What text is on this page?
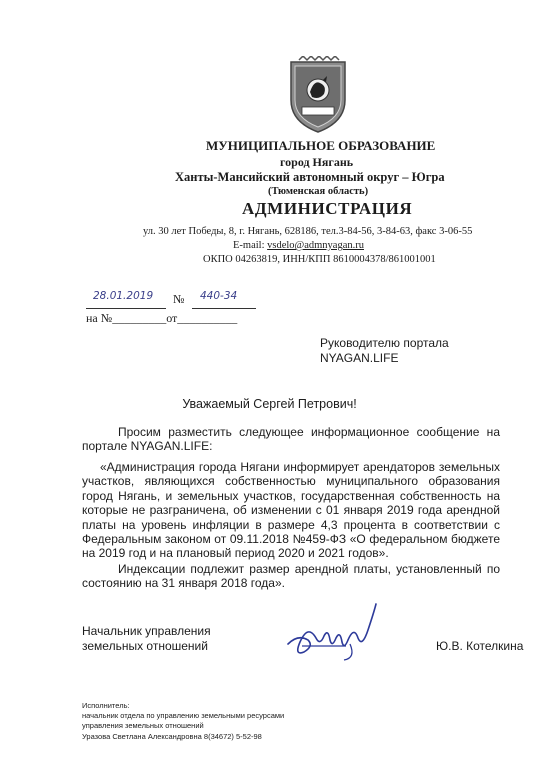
МУНИЦИПАЛЬНОЕ ОБРАЗОВАНИЕ
город Нягань
Ханты-Мансийский автономный округ – Югра
(Тюменская область)
АДМИНИСТРАЦИЯ
ул. 30 лет Победы, 8, г. Нягань, 628186, тел.3-84-56, 3-84-63, факс 3-06-55
E-mail: vsdelo@admnyagan.ru
ОКПО 04263819, ИНН/КПП 8610004378/861001001
28.01.2019 № 440-34
на №_________от__________
Руководителю портала
NYAGAN.LIFE
Уважаемый Сергей Петрович!
Просим разместить следующее информационное сообщение на портале NYAGAN.LIFE:
«Администрация города Нягани информирует арендаторов земельных участков, являющихся собственностью муниципального образования город Нягань, и земельных участков, государственная собственность на которые не разграничена, об изменении с 01 января 2019 года арендной платы на уровень инфляции в размере 4,3 процента в соответствии с Федеральным законом от 09.11.2018 №459-ФЗ «О федеральном бюджете на 2019 год и на плановый период 2020 и 2021 годов».
Индексации подлежит размер арендной платы, установленный по состоянию на 31 января 2018 года».
Начальник управления
земельных отношений	Ю.В. Котелкина
Исполнитель:
начальник отдела по управлению земельными ресурсами
управления земельных отношений
Уразова Светлана Александровна 8(34672) 5-52-98
